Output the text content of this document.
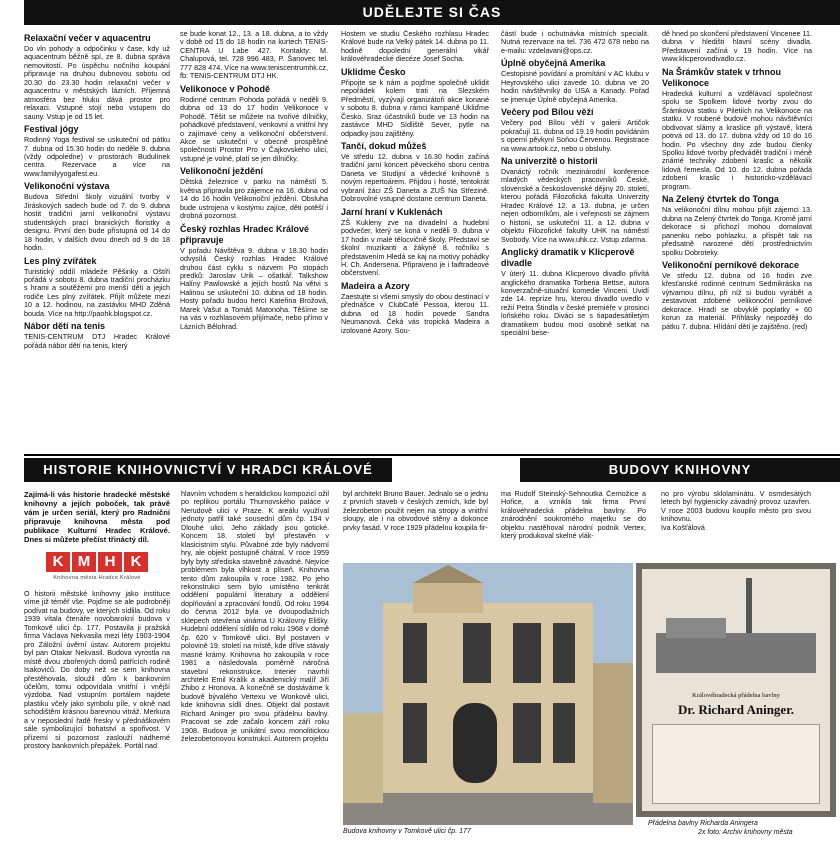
UDĚLEJTE SI ČAS
Relaxační večer v aquacentru

Do vln pohody a odpočinku v čase, kdy už aquacentrum běžně spí, ze 8. dubna správa nemovitostí. Po úspěchu nočního koupání připravuje na druhou dubnovou sobotu od 20.30 do 23.30 hodin relaxační večer v aquacentru v městských lázních. Příjemná atmosféra bez hluku dává prostor pro relaxaci. Vstupné stojí nebo vstupem do sauny. Vstup je od 15 let.

Festival jógy

Rodinný Yoga festival se uskuteční od pátku 7. dubna od 15.30 hodin do neděle 9. dubna (vždy odpoledne) v prostorách Budulínek centra. Rezervace a více na www.familyyogafest.eu.

Velikonoční výstava

Budova Střední školy vizuální tvorby v Jiráskových sadech bude od 7. do 9. dubna hostit tradiční jarní velikonoční výstavu studentských prací branických floristky a designu. První den bude přístupná od 14 do 18 hodin, v dalších dvou dnech od 9 do 18 hodin.

Les plný zvířátek

Turistický oddíl mládeže Pěšinky a Oštíři pořádá v sobotu 8. dubna tradiční procházku s hrami a soutěžemi pro menší děti a jejich rodiče Les plný zvířátek. Přijít můžete mezi 10 a 12. hodinou, na zastávku MHD Zděná bouda. Více na http://paohk.blogspot.cz.

Nábor dětí na tenis

TENIS-CENTRUM DTJ Hradec Králové pořádá nábor dětí na tenis, který

se bude konat 12., 13. a 18. dubna, a to vždy v době od 15 do 18 hodin na kurtech TENIS-CENTRA U Labe 427. Kontakty: M. Chalupová, tel. 728 996 483, P. Šanovec tel. 777 828 474. Více na www.teniscentrumhk.cz, fb: TENIS-CENTRUM DTJ HK.

Velikonoce v Pohodě

Rodinné centrum Pohoda pořádá v neděli 9. dubna od 13 do 17 hodin Velikonoce v Pohodě. Těšit se můžete na tvořivé dílničky, pohádkové představení, venkovní a vnitřní hry o zajímavé ceny a velikonoční občerstvení. Akce se uskuteční v obecně prospěšné společnosti Prostor Pro v Čajkovského ulici, vstupné je volné, platí se jen dílničky.

Velikonoční ježdění

Dětská železnice v parku na náměstí 5. května připravila pro zájemce na 16. dubna od 14 do 16 hodin Velikonoční ježdění. Obsluha bude ustrojena v kostýmu zajíce, děti potěší i drobná pozornost.

Český rozhlas Hradec Králové připravuje

V pořadu Návštěva 9. dubna v 18.30 hodin odvysílá Český rozhlas Hradec Králové druhou část cyklu s názvem Po stopách predků: Jaroslav Urik – ošatkář. Talkshow Halíny Pawlowské a jejích hostů Na větvi s Halinou se uskuteční 10. dubna od 18 hodin. Hosty pořadu budou herci Kateřina Brožová, Marek Vašut a Tomáš Matonoha. Těšíme se na vás v rozhlasovém přijímače, nebo přímo v Lázních Bělohrad.

Hostem ve studiu Českého rozhlasu Hradec Králové bude na Velký pátek 14. dubna po 11. hodině dopolední generální vikář královéhradecké diecéze Josef Socha.

Uklidme Česko

Připojte se k nám a pojďme společně uklidit nepořádek kolem trati na Slezském Předměstí, vyzývají organizátoři akce konané v sobotu 8. dubna v rámci kampaně Ukliďme Česko. Sraz účastníků bude ve 13 hodin na zastávce MHD Sídliště Sever, pytle na odpadky jsou zajištěny.

Tančí, dokud můžeš

Ve středu 12. dubna v 16.30 hodin začíná tradiční jarní koncert pěveckého sboru centra Daneta ve Studijní a vědecké knihovně s novým repertoárem. Přijdou i hosté, tentokrát vybraní žáci ZŠ Daneta a ZUŠ Na Střezině. Dobrovolné vstupné dostane centrum Daneta.

Jarní hraní v Kuklenách

ZŠ Kukleny zve na divadelní a hudební podvečer, který se koná v neděli 9. dubna v 17 hodin v malé tělocvičně školy. Představí se školní muzikanti a žákyně 8. ročníku s představením Hledá se kaj na motivy pohádky H. Ch. Andersena. Připraveno je i faiftradeové občerstvení.

Madeira a Azory

Zaestujte si všemi smysly do obou destinací v přednášce v ClubCafé Pessoa, kterou 11. dubna od 18 hodin povede Sandra Neumanová. Čeká vás tropická Madeira a izolované Azory. Sou-

částí bude i ochutnávka místních specialit. Nutná rezervace na tel. 736 472 678 nebo na e-mailu: vzdelavani@ops.cz.

Úplně obyčejná Amerika

Cestopisné povídání a promítání v AC klubu v Heyrovského ulici zavede 10. dubna ve 20 hodin návštěvníky do USA a Kanady. Pořad se jmenuje Úplně obyčejná Amerika.

Večery pod Bílou věží

Večery pod Bílou věží v galerii Artičok pokračují 11. dubna od 19.19 hodin povídáním s operní pěvkyní Soňou Červenou. Registrace na www.artook.cz, nebo u obsluhy.

Na univerzitě o historii

Dvanáctý ročník mezinárodní konference mladých vědeckých pracovníků České, slovenské a československé dějiny 20. století, kterou pořádá Filozofická fakulta Univerzity Hradec Králové 12. a 13. dubna, je určen nejen odborníkům, ale i veřejnosti se zájmem o historii, se uskuteční 11. a 12. dubna v objektu Filozofické fakulty UHK na náměstí Svobody. Více na www.uhk.cz. Vstup zdarma.

Anglický dramatik v Klicperově divadle

V úterý 11. dubna Klicperovo divadlo přivítá anglického dramatika Torbena Bettse, autora konverzačně-situační komedie Vinceni. Uvidí zde 14. repríze hru, kterou divadlo uvedlo v režii Petra Štindla v české premiéře v prosinci loňského roku. Diváci se s tiapadesátiletým dramatikem budou moci osobně setkat na speciální bese-

dě hned po skončení představení Vincenee 11. dubna v hledišti hlavní scény divadla. Představení začíná v 19 hodin. Více na www.klicperovodivadlo.cz.

Na Šrámkův statek v trhnou Velikonoce

Hradecká kulturní a vzdělávací společnost spolu se Spolkem lidové tvorby zvou do Šrámkova statku v Piletiích na Velikonoce na statku. V roubené budově mohou návštěvníci obdivovat slámy a kraslice při výstavě, která potrvá od 13. do 17. dubna vždy od 10 do 16 hodin. Po všechny dny zde budou členky Spolku lidové tvorby předvádět tradiční i méně známé techniky zdobení kraslic a několik lidová řemesla. Od 10. do 12. dubna pořádá zdobení kraslic i historicko-vzdělávací program.

Na Zelený čtvrtek do Tonga

Na velikonoční dílnu mohou přijít zájemci 13. dubna na Zelený čtvrtek do Tonga. Kromě jarní dekorace si přichozí mohou domalovat panenku nebo pohlazku, a přispět tak na předsatně narozené dětí prostřednictvím spolku Dobroteky.

Velikonoční perníkové dekorace

Ve středu 12. dubna od 16 hodin zve křesťanské rodinné centrum Sedmikráska na výtvarnou dílnu, při níž si budou vyrábět a zestavovat zdobené velikonoční perníkové dekorace. Hradí se obvyklé poplatky + 60 korun za materiál. Přihlásky nejpozději do pátku 7. dubna. Hlídání dětí je zajištěno. (red)

HISTORIE KNIHOVNICTVÍ V HRADCI KRÁLOVÉ	BUDOVY KNIHOVNY

Zajímá-li vás historie hradecké městské knihovny a jejích poboček, tak právě vám je určen seriál, který pro Radniční připravuje knihovna města pod publikace Kulturní Hradec Králové. Dnes si můžete přečíst třináctý díl.

K M H	K
Knihovna města Hradce Králové

O historii městské knihovny jako instituce víme již téměř vše. Pojďme se ale podrobněji podívat na budovy, ve kterých sídlila. Od roku 1939 vítala čtenáře novobarokní budova v Tomkově ulici čp. 177. Postavila ji pražská firma Václava Nekvasila mezi léty 1903-1904 pro Záložní úvěrní ústav. Autorem projektu byl pan Otakar Nekvasil. Budova vyrostla na místě dvou zbořených domů patřících rodině Isakovićů. Do doby než se sem knihovna přestěhovala, sloužil dům k bankovním účelům, tomu odpovídala vnitřní i vnější výzdoba. Nad vstupním portálem najdete plastiku včely jako symbolu píle, v okně nad schodištěm krásnou barevnou vitráž. Merkura a v neposlední řadě fresky v přednáškovém sále symbolizující bohatství a spořivost. V přízemí si pozornost zaslouží nádherné prostory bankovních přepážek. Portál nad

hlavním vchodem s heraldickou kompozicí ožil po replikou portálu Thurnovského paláce v Nerudově ulici v Praze. K areálu využíval jednoty patřil také sousední dům čp. 194 v Dlouhé ulici. Jeho základy jsou gotické. Koncem 18. století byl přestavěn v klasicistním stylu. Půvabné zde byly nádvorní hry, ale objekt postupně chátral. V roce 1959 byly byty střediska stavebně závadné. Nejvíce problémem byla vlhkost a plíseň. Knihovna tento dům zakoupila v roce 1982. Po jeho rekonstrukci sem bylo umístěno tenkrát oddělení populární literatury a oddělení doplňování a zpracování fondů. Od roku 1994 do června 2012 byla ve dvoupodlažních sklepech otevřena vinárna U Královny Elišky. Hudební oddělení sídlilo od roku 1968 v domě čp. 620 v Tomkově ulici. Byl postaven v polovině 19. století na místě, kde dříve stávaly masné krámy. Knihovna ho zakoupila v roce 1981 a následovala poměrně náročná stavební rekonstrukce. Interiér navrhli architekt Emil Králík a akademický malíř Jiří Zhibo z Hronova. A konečně se dostáváme k budově bývalého Vertexu ve Wonkově ulici, kde knihovna sídlí dnes. Objekt dal postavit Richard Aninger pro svou přádelnu bavlny. Pracovat se zde začalo koncem září roku 1908. Budova je unikátní svou monolitickou železobetonovou konstrukcí. Autorem projektu

byl architekt Bruno Bauer. Jednalo se o jednu z prvních staveb v českých zemích, kde byl železobeton použit nejen na stropy a vnitřní sloupy, ale i na obvodové stěny a dokonce prvky fasád. V roce 1929 přádelnu koupila fir-

ma Rudolf Steinský-Sehnoutka Černožice a Hořice, a vznikla tak firma První královéhradecká přádelna bavlny. Po znárodnění soukromého majetku se do objektu nastěhoval národní podnik Vertex, který produkoval skelné vlák-

no pro výrobu sklolaminátu. V osmdesátých letech byl hygienicky závadný provoz uzavřen. V roce 2003 budovu koupilo město pro svou knihovnu.

Iva Košťálová

Budova knihovny v Tomkově ulici čp. 177
Královéhradecká přádelna bavlny
Dr. Richard Aninger.
Přádelna bavlny Richarda Aningera
2x foto: Archiv knihovny města
